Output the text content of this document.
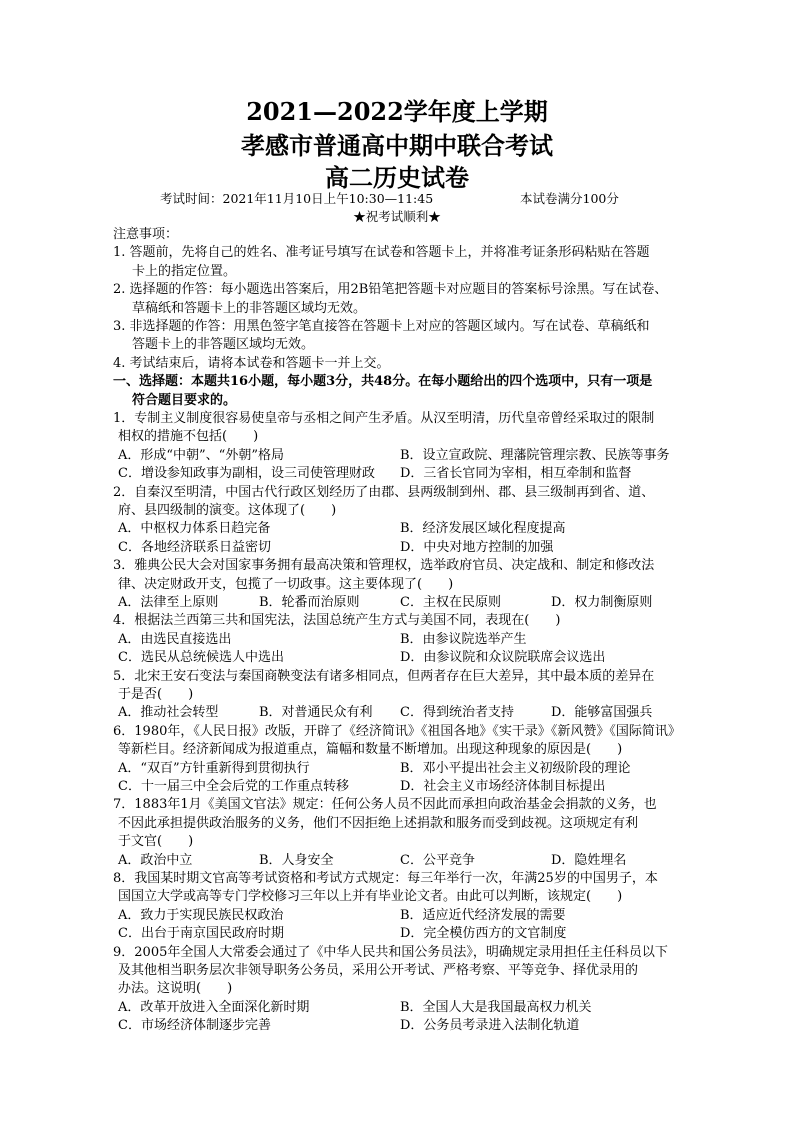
2021—2022学年度上学期
孝感市普通高中期中联合考试
高二历史试卷
考试时间：2021年11月10日上午10:30—11:45	本试卷满分100分
★祝考试顺利★
注意事项：
1. 答题前，先将自己的姓名、准考证号填写在试卷和答题卡上，并将准考证条形码粘贴在答题
卡上的指定位置。
2. 选择题的作答：每小题选出答案后，用2B铅笔把答题卡对应题目的答案标号涂黑。写在试卷、
草稿纸和答题卡上的非答题区域均无效。
3. 非选择题的作答：用黑色签字笔直接答在答题卡上对应的答题区域内。写在试卷、草稿纸和
答题卡上的非答题区域均无效。
4. 考试结束后，请将本试卷和答题卡一并上交。
一、选择题：本题共16小题，每小题3分，共48分。在每小题给出的四个选项中，只有一项是
符合题目要求的。
1．专制主义制度很容易使皇帝与丞相之间产生矛盾。从汉至明清，历代皇帝曾经采取过的限制
相权的措施不包括(　　)
A．形成“中朝”、“外朝”格局	B．设立宣政院、理藩院管理宗教、民族等事务
C．增设参知政事为副相，设三司使管理财政 D．三省长官同为宰相，相互牵制和监督
2．自秦汉至明清，中国古代行政区划经历了由郡、县两级制到州、郡、县三级制再到省、道、
府、县四级制的演变。这体现了(　　)
A．中枢权力体系日趋完备	B．经济发展区域化程度提高
C．各地经济联系日益密切	D．中央对地方控制的加强
3．雅典公民大会对国家事务拥有最高决策和管理权，选举政府官员、决定战和、制定和修改法
律、决定财政开支，包揽了一切政事。这主要体现了(　　)
A．法律至上原则	B．轮番而治原则	C．主权在民原则	D．权力制衡原则
4．根据法兰西第三共和国宪法，法国总统产生方式与美国不同，表现在(　　)
A．由选民直接选出	B．由参议院选举产生
C．选民从总统候选人中选出	D．由参议院和众议院联席会议选出
5．北宋王安石变法与秦国商鞅变法有诸多相同点，但两者存在巨大差异，其中最本质的差异在
于是否(　　)
A．推动社会转型	B．对普通民众有利 C．得到统治者支持	D．能够富国强兵
6．1980年，《人民日报》改版，开辟了《经济简讯》《祖国各地》《实干录》《新风赞》《国际简讯》
等新栏目。经济新闻成为报道重点，篇幅和数量不断增加。出现这种现象的原因是(　　)
A．“双百”方针重新得到贯彻执行	B．邓小平提出社会主义初级阶段的理论
C．十一届三中全会后党的工作重点转移	D．社会主义市场经济体制目标提出
7．1883年1月《美国文官法》规定：任何公务人员不因此而承担向政治基金会捐款的义务，也
不因此承担提供政治服务的义务，他们不因拒绝上述捐款和服务而受到歧视。这项规定有利
于文官(　　)
A．政治中立	B．人身安全	C．公平竞争	D．隐姓埋名
8．我国某时期文官高等考试资格和考试方式规定：每三年举行一次，年满25岁的中国男子，本
国国立大学或高等专门学校修习三年以上并有毕业论文者。由此可以判断，该规定(　　)
A．致力于实现民族民权政治	B．适应近代经济发展的需要
C．出台于南京国民政府时期	D．完全模仿西方的文官制度
9．2005年全国人大常委会通过了《中华人民共和国公务员法》，明确规定录用担任主任科员以下
及其他相当职务层次非领导职务公务员，采用公开考试、严格考察、平等竞争、择优录用的
办法。这说明(　　)
A．改革开放进入全面深化新时期	B．全国人大是我国最高权力机关
C．市场经济体制逐步完善	D．公务员考录进入法制化轨道
